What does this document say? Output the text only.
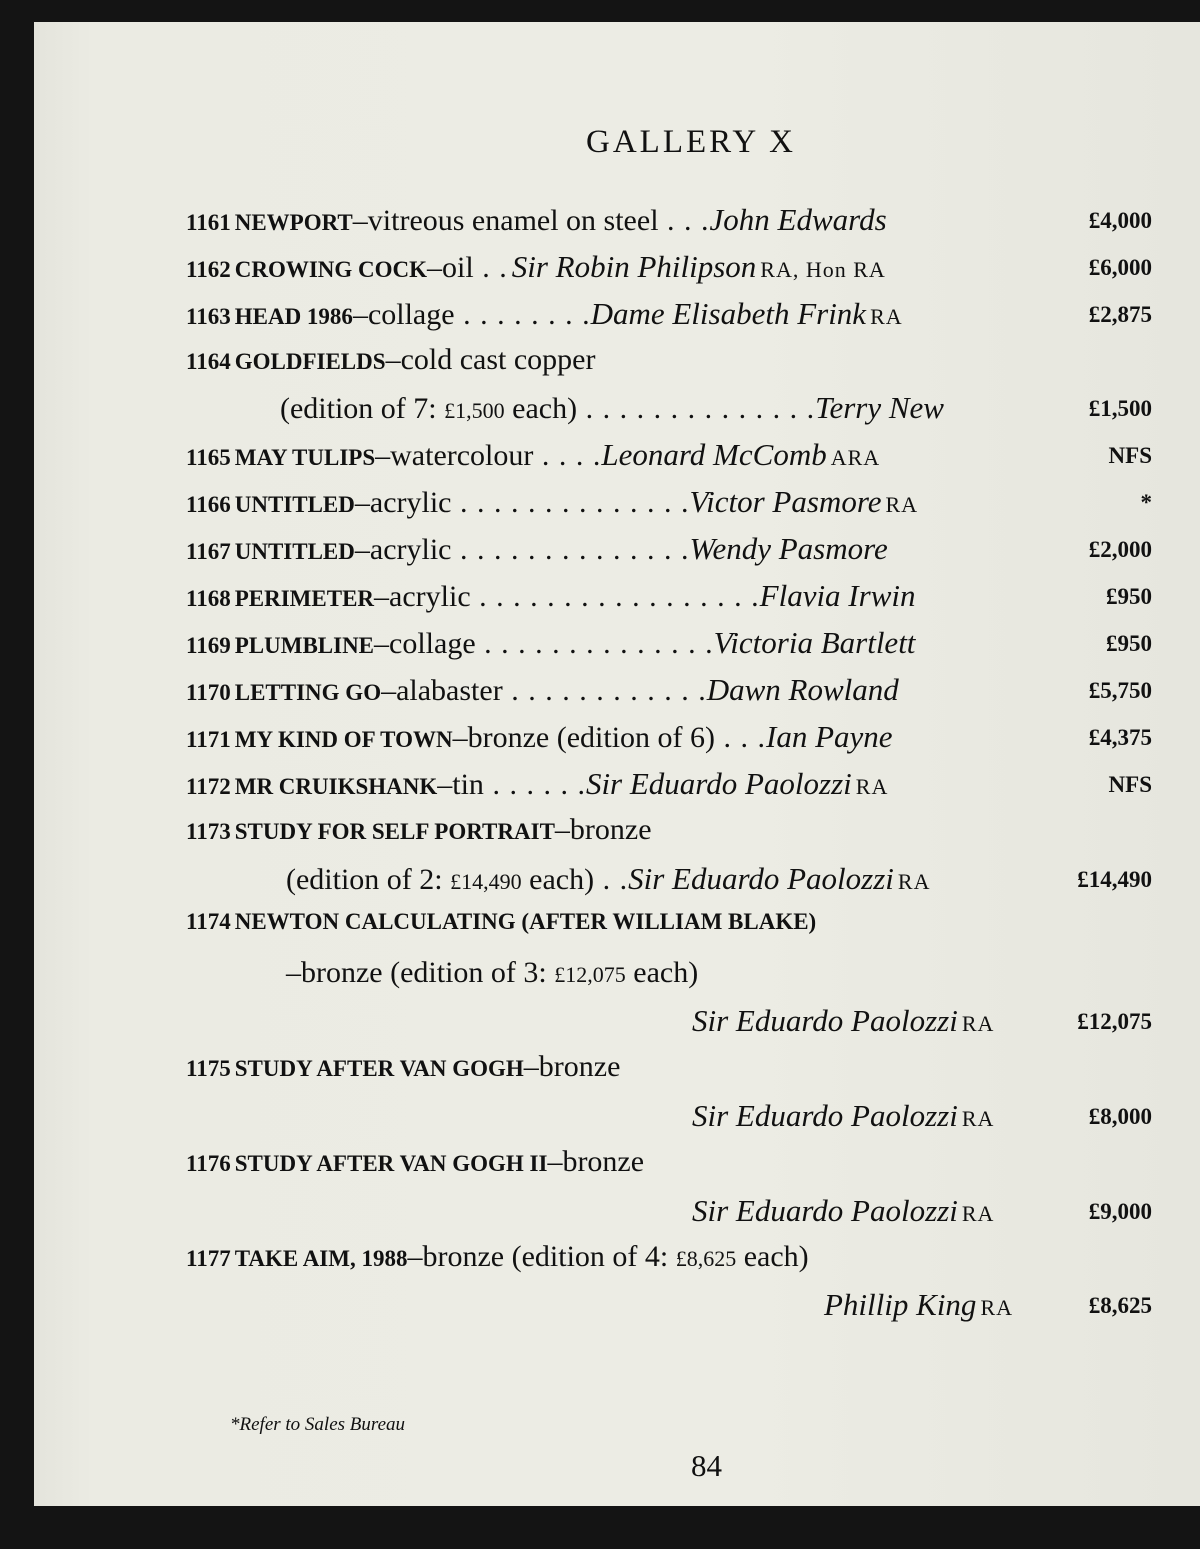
GALLERY X
1161 NEWPORT–vitreous enamel on steel . . .John Edwards	£4,000
1162 CROWING COCK–oil . . Sir Robin Philipson RA, Hon RA	£6,000
1163 HEAD 1986–collage . . . . . . . .Dame Elisabeth Frink RA	£2,875
1164 GOLDFIELDS–cold cast copper
(edition of 7: £1,500 each) . . . . . . . . . . . . . .Terry New	£1,500
1165 MAY TULIPS–watercolour . . . .Leonard McComb ARA	NFS
1166 UNTITLED–acrylic . . . . . . . . . . . . . .Victor Pasmore RA	*
1167 UNTITLED–acrylic . . . . . . . . . . . . . .Wendy Pasmore	£2,000
1168 PERIMETER–acrylic . . . . . . . . . . . . . . . . .Flavia Irwin	£950
1169 PLUMBLINE–collage . . . . . . . . . . . . . .Victoria Bartlett	£950
1170 LETTING GO–alabaster . . . . . . . . . . . .Dawn Rowland	£5,750
1171 MY KIND OF TOWN–bronze (edition of 6) . . .Ian Payne	£4,375
1172 MR CRUIKSHANK–tin . . . . . .Sir Eduardo Paolozzi RA	NFS
1173 STUDY FOR SELF PORTRAIT–bronze
(edition of 2: £14,490 each) . .Sir Eduardo Paolozzi RA	£14,490
1174 NEWTON CALCULATING (AFTER WILLIAM BLAKE)
–bronze (edition of 3: £12,075 each)
Sir Eduardo Paolozzi RA	£12,075
1175 STUDY AFTER VAN GOGH–bronze
Sir Eduardo Paolozzi RA	£8,000
1176 STUDY AFTER VAN GOGH II–bronze
Sir Eduardo Paolozzi RA	£9,000
1177 TAKE AIM, 1988–bronze (edition of 4: £8,625 each)
Phillip King RA	£8,625
*Refer to Sales Bureau
84
